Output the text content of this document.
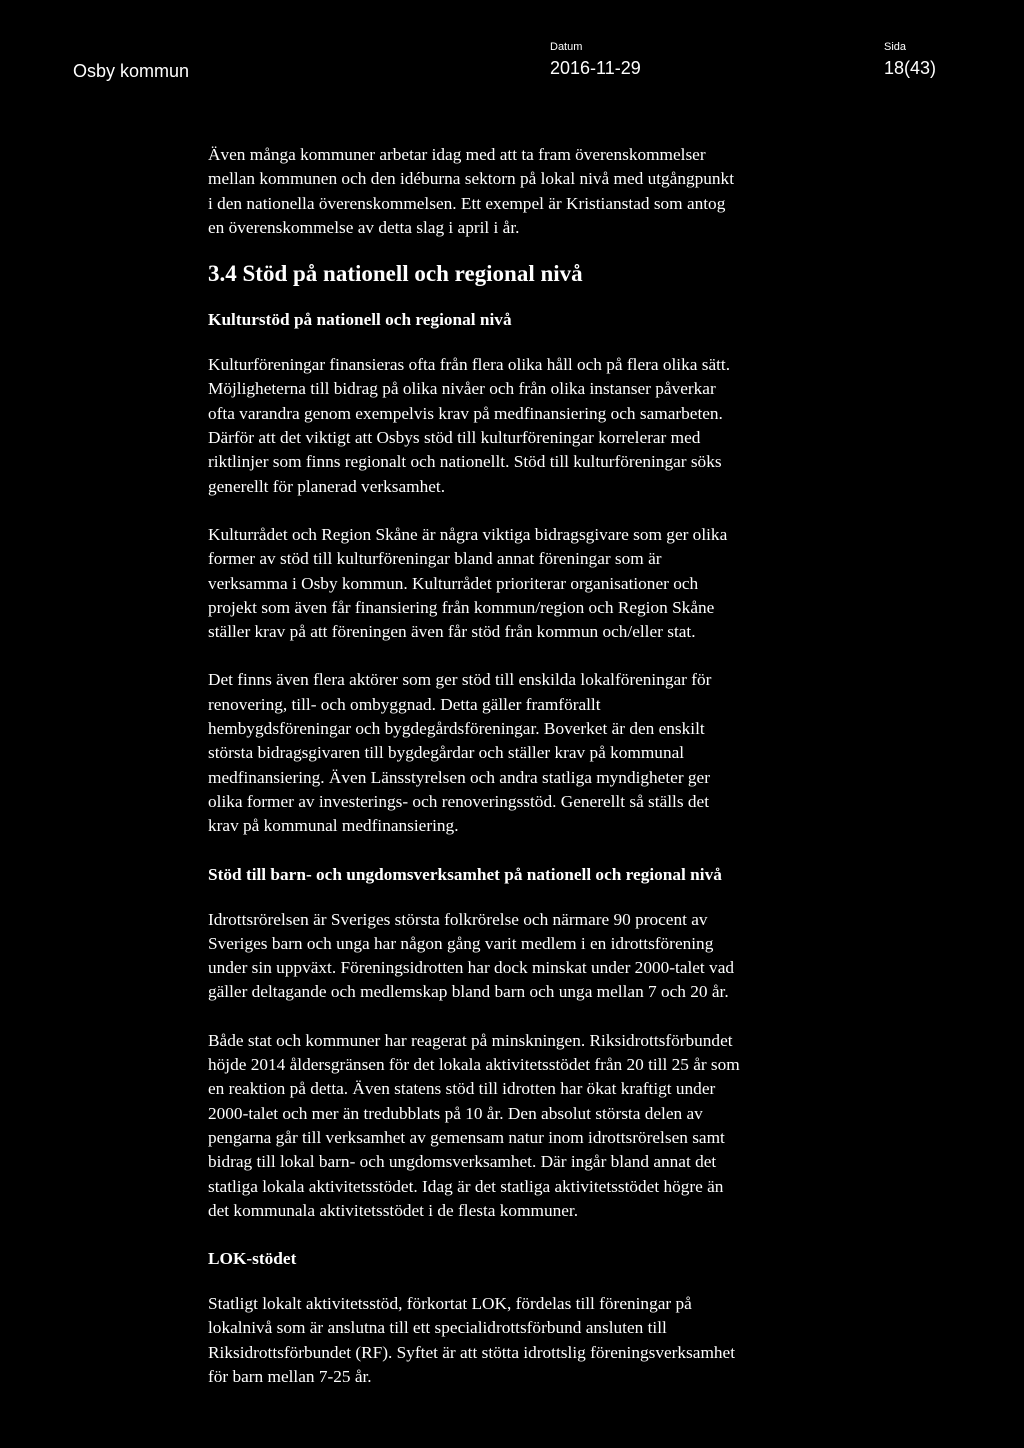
Osby kommun
Datum
2016-11-29
Sida
18(43)

Även många kommuner arbetar idag med att ta fram överenskommelser
mellan kommunen och den idéburna sektorn på lokal nivå med utgångpunkt
i den nationella överenskommelsen. Ett exempel är Kristianstad som antog
en överenskommelse av detta slag i april i år.

3.4 Stöd på nationell och regional nivå
Kulturstöd på nationell och regional nivå

Kulturföreningar finansieras ofta från flera olika håll och på flera olika sätt.
Möjligheterna till bidrag på olika nivåer och från olika instanser påverkar
ofta varandra genom exempelvis krav på medfinansiering och samarbeten.
Därför att det viktigt att Osbys stöd till kulturföreningar korrelerar med
riktlinjer som finns regionalt och nationellt. Stöd till kulturföreningar söks
generellt för planerad verksamhet.

Kulturrådet och Region Skåne är några viktiga bidragsgivare som ger olika
former av stöd till kulturföreningar bland annat föreningar som är
verksamma i Osby kommun. Kulturrådet prioriterar organisationer och
projekt som även får finansiering från kommun/region och Region Skåne
ställer krav på att föreningen även får stöd från kommun och/eller stat.

Det finns även flera aktörer som ger stöd till enskilda lokalföreningar för
renovering, till- och ombyggnad. Detta gäller framförallt
hembygdsföreningar och bygdegårdsföreningar. Boverket är den enskilt
största bidragsgivaren till bygdegårdar och ställer krav på kommunal
medfinansiering. Även Länsstyrelsen och andra statliga myndigheter ger
olika former av investerings- och renoveringsstöd. Generellt så ställs det
krav på kommunal medfinansiering.

Stöd till barn- och ungdomsverksamhet på nationell och regional nivå

Idrottsrörelsen är Sveriges största folkrörelse och närmare 90 procent av
Sveriges barn och unga har någon gång varit medlem i en idrottsförening
under sin uppväxt. Föreningsidrotten har dock minskat under 2000-talet vad
gäller deltagande och medlemskap bland barn och unga mellan 7 och 20 år.

Både stat och kommuner har reagerat på minskningen. Riksidrottsförbundet
höjde 2014 åldersgränsen för det lokala aktivitetsstödet från 20 till 25 år som
en reaktion på detta. Även statens stöd till idrotten har ökat kraftigt under
2000-talet och mer än tredubblats på 10 år. Den absolut största delen av
pengarna går till verksamhet av gemensam natur inom idrottsrörelsen samt
bidrag till lokal barn- och ungdomsverksamhet. Där ingår bland annat det
statliga lokala aktivitetsstödet. Idag är det statliga aktivitetsstödet högre än
det kommunala aktivitetsstödet i de flesta kommuner.

LOK-stödet

Statligt lokalt aktivitetsstöd, förkortat LOK, fördelas till föreningar på
lokalnivå som är anslutna till ett specialidrottsförbund ansluten till
Riksidrottsförbundet (RF). Syftet är att stötta idrottslig föreningsverksamhet
för barn mellan 7-25 år.
